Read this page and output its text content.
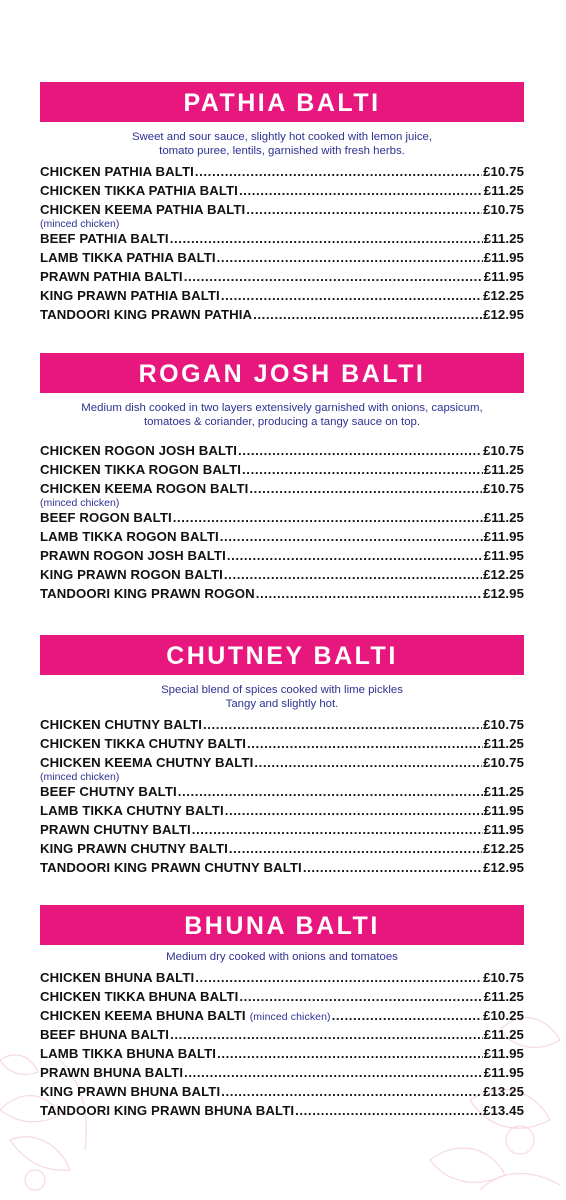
PATHIA BALTI
Sweet and sour sauce, slightly hot cooked with lemon juice,
tomato puree, lentils, garnished with fresh herbs.
CHICKEN PATHIA BALTI .....	£10.75
CHICKEN TIKKA PATHIA BALTI .....	£11.25
CHICKEN KEEMA PATHIA BALTI .....	£10.75
(minced chicken)
BEEF PATHIA BALTI .....	£11.25
LAMB TIKKA PATHIA BALTI .....	£11.95
PRAWN PATHIA BALTI .....	£11.95
KING PRAWN PATHIA BALTI .....	£12.25
TANDOORI KING PRAWN PATHIA .....	£12.95
ROGAN JOSH BALTI
Medium dish cooked in two layers extensively garnished with onions, capsicum,
tomatoes & coriander, producing a tangy sauce on top.
CHICKEN ROGON JOSH BALTI .....	£10.75
CHICKEN TIKKA ROGON BALTI .....	£11.25
CHICKEN KEEMA ROGON BALTI .....	£10.75
(minced chicken)
BEEF ROGON BALTI .....	£11.25
LAMB TIKKA ROGON BALTI .....	£11.95
PRAWN ROGON JOSH BALTI .....	£11.95
KING PRAWN ROGON BALTI .....	£12.25
TANDOORI KING PRAWN ROGON .....	£12.95
CHUTNEY BALTI
Special blend of spices cooked with lime pickles
Tangy and slightly hot.
CHICKEN CHUTNY BALTI .....	£10.75
CHICKEN TIKKA CHUTNY BALTI .....	£11.25
CHICKEN KEEMA CHUTNY BALTI .....	£10.75
(minced chicken)
BEEF CHUTNY BALTI .....	£11.25
LAMB TIKKA CHUTNY BALTI .....	£11.95
PRAWN CHUTNY BALTI .....	£11.95
KING PRAWN CHUTNY BALTI .....	£12.25
TANDOORI KING PRAWN CHUTNY BALTI .....	£12.95
BHUNA BALTI
Medium dry cooked with onions and tomatoes
CHICKEN BHUNA BALTI .....	£10.75
CHICKEN TIKKA BHUNA BALTI .....	£11.25
CHICKEN KEEMA BHUNA BALTI (minced chicken) .....	£10.25
BEEF BHUNA BALTI .....	£11.25
LAMB TIKKA BHUNA BALTI .....	£11.95
PRAWN BHUNA BALTI .....	£11.95
KING PRAWN BHUNA BALTI .....	£13.25
TANDOORI KING PRAWN BHUNA BALTI .....	£13.45
